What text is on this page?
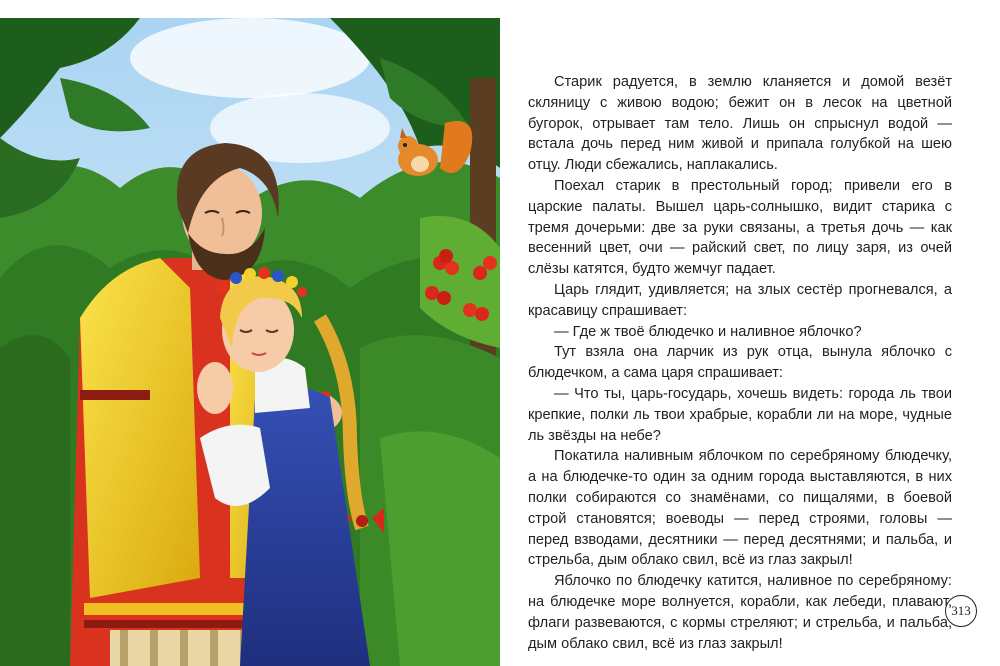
Старик радуется, в землю кланяется и домой везёт скляницу с живою водою; бежит он в лесок на цветной бугорок, отрывает там тело. Лишь он спрыснул водой — встала дочь перед ним живой и припала голубкой на шею отцу. Люди сбежались, наплакались.

Поехал старик в престольный город; привели его в царские палаты. Вышел царь-солнышко, видит старика с тремя дочерьми: две за руки связаны, а третья дочь — как весенний цвет, очи — райский свет, по лицу заря, из очей слёзы катятся, будто жемчуг падает.

Царь глядит, удивляется; на злых сестёр прогневался, а красавицу спрашивает:

— Где ж твоё блюдечко и наливное яблочко?

Тут взяла она ларчик из рук отца, вынула яблочко с блюдечком, а сама царя спрашивает:

— Что ты, царь-государь, хочешь видеть: города ль твои крепкие, полки ль твои храбрые, корабли ли на море, чудные ль звёзды на небе?

Покатила наливным яблочком по серебряному блюдечку, а на блюдечке-то один за одним города выставляются, в них полки собираются со знамёнами, со пищалями, в боевой строй становятся; воеводы — перед строями, головы — перед взводами, десятники — перед десятнями; и пальба, и стрельба, дым облако свил, всё из глаз закрыл!

Яблочко по блюдечку катится, наливное по серебряному: на блюдечке море волнуется, корабли, как лебеди, плавают, флаги развеваются, с кормы стреляют; и стрельба, и пальба, дым облако свил, всё из глаз закрыл!

313
